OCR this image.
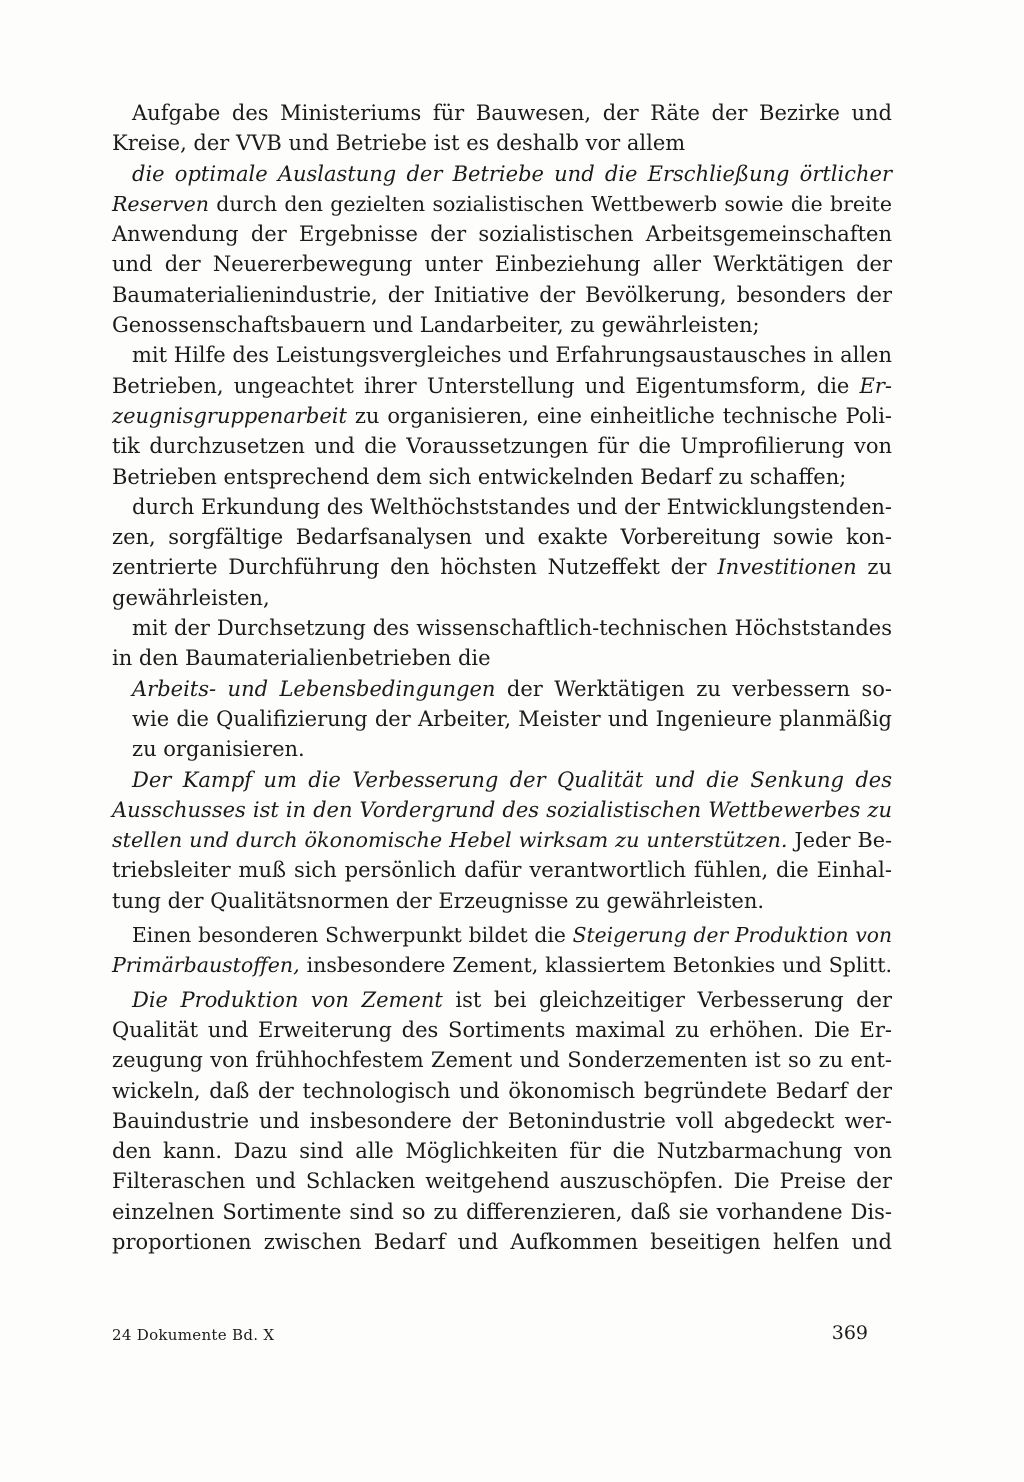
Aufgabe des Ministeriums für Bauwesen, der Räte der Bezirke und
Kreise, der VVB und Betriebe ist es deshalb vor allem
die optimale Auslastung der Betriebe und die Erschließung örtlicher
Reserven durch den gezielten sozialistischen Wettbewerb sowie die breite
Anwendung der Ergebnisse der sozialistischen Arbeitsgemeinschaften
und der Neuererbewegung unter Einbeziehung aller Werktätigen der
Baumaterialienindustrie, der Initiative der Bevölkerung, besonders der
Genossenschaftsbauern und Landarbeiter, zu gewährleisten;
mit Hilfe des Leistungsvergleiches und Erfahrungsaustausches in allen
Betrieben, ungeachtet ihrer Unterstellung und Eigentumsform, die Er-
zeugnisgruppenarbeit zu organisieren, eine einheitliche technische Poli-
tik durchzusetzen und die Voraussetzungen für die Umprofilierung von
Betrieben entsprechend dem sich entwickelnden Bedarf zu schaffen;
durch Erkundung des Welthöchststandes und der Entwicklungstenden-
zen, sorgfältige Bedarfsanalysen und exakte Vorbereitung sowie kon-
zentrierte Durchführung den höchsten Nutzeffekt der Investitionen zu
gewährleisten,
mit der Durchsetzung des wissenschaftlich-technischen Höchststandes
in den Baumaterialienbetrieben die
Arbeits- und Lebensbedingungen der Werktätigen zu verbessern so-
wie die Qualifizierung der Arbeiter, Meister und Ingenieure planmäßig
zu organisieren.
Der Kampf um die Verbesserung der Qualität und die Senkung des
Ausschusses ist in den Vordergrund des sozialistischen Wettbewerbes zu
stellen und durch ökonomische Hebel wirksam zu unterstützen. Jeder Be-
triebsleiter muß sich persönlich dafür verantwortlich fühlen, die Einhal-
tung der Qualitätsnormen der Erzeugnisse zu gewährleisten.
Einen besonderen Schwerpunkt bildet die Steigerung der Produktion von
Primärbaustoffen, insbesondere Zement, klassiertem Betonkies und Splitt.
Die Produktion von Zement ist bei gleichzeitiger Verbesserung der
Qualität und Erweiterung des Sortiments maximal zu erhöhen. Die Er-
zeugung von frühhochfestem Zement und Sonderzementen ist so zu ent-
wickeln, daß der technologisch und ökonomisch begründete Bedarf der
Bauindustrie und insbesondere der Betonindustrie voll abgedeckt wer-
den kann. Dazu sind alle Möglichkeiten für die Nutzbarmachung von
Filteraschen und Schlacken weitgehend auszuschöpfen. Die Preise der
einzelnen Sortimente sind so zu differenzieren, daß sie vorhandene Dis-
proportionen zwischen Bedarf und Aufkommen beseitigen helfen und
24 Dokumente Bd. X	369
